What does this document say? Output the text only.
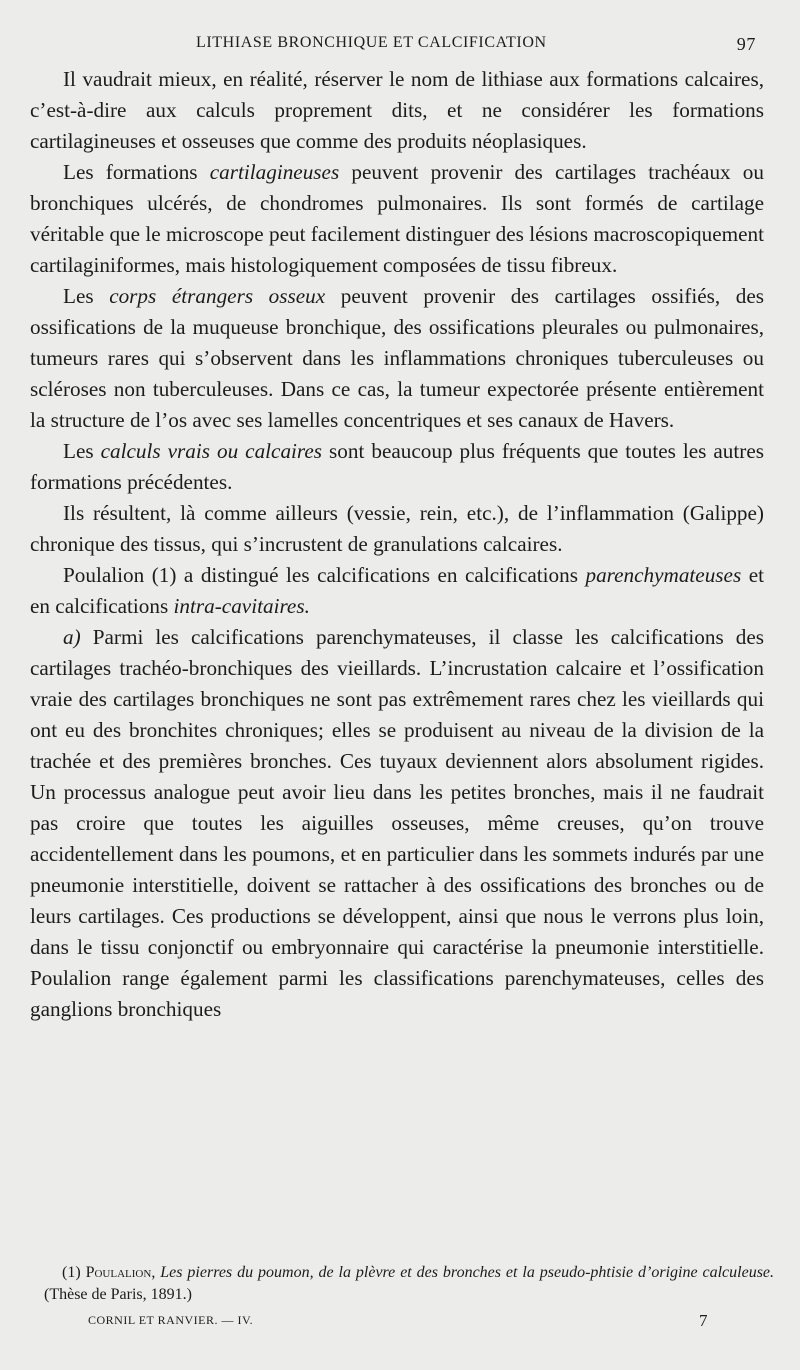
LITHIASE BRONCHIQUE ET CALCIFICATION	97

Il vaudrait mieux, en réalité, réserver le nom de lithiase aux formations calcaires, c’est-à-dire aux calculs proprement dits, et ne considérer les formations cartilagineuses et osseuses que comme des produits néoplasiques.

Les formations cartilagineuses peuvent provenir des cartilages trachéaux ou bronchiques ulcérés, de chondromes pulmonaires. Ils sont formés de cartilage véritable que le microscope peut facilement distinguer des lésions macroscopiquement cartilaginiformes, mais histologiquement composées de tissu fibreux.

Les corps étrangers osseux peuvent provenir des cartilages ossifiés, des ossifications de la muqueuse bronchique, des ossifications pleurales ou pulmonaires, tumeurs rares qui s’observent dans les inflammations chroniques tuberculeuses ou scléroses non tuberculeuses. Dans ce cas, la tumeur expectorée présente entièrement la structure de l’os avec ses lamelles concentriques et ses canaux de Havers.

Les calculs vrais ou calcaires sont beaucoup plus fréquents que toutes les autres formations précédentes.

Ils résultent, là comme ailleurs (vessie, rein, etc.), de l’inflammation (Galippe) chronique des tissus, qui s’incrustent de granulations calcaires.

Poulalion (1) a distingué les calcifications en calcifications parenchymateuses et en calcifications intra-cavitaires.

a) Parmi les calcifications parenchymateuses, il classe les calcifications des cartilages trachéo-bronchiques des vieillards. L’incrustation calcaire et l’ossification vraie des cartilages bronchiques ne sont pas extrêmement rares chez les vieillards qui ont eu des bronchites chroniques; elles se produisent au niveau de la division de la trachée et des premières bronches. Ces tuyaux deviennent alors absolument rigides. Un processus analogue peut avoir lieu dans les petites bronches, mais il ne faudrait pas croire que toutes les aiguilles osseuses, même creuses, qu’on trouve accidentellement dans les poumons, et en particulier dans les sommets indurés par une pneumonie interstitielle, doivent se rattacher à des ossifications des bronches ou de leurs cartilages. Ces productions se développent, ainsi que nous le verrons plus loin, dans le tissu conjonctif ou embryonnaire qui caractérise la pneumonie interstitielle. Poulalion range également parmi les classifications parenchymateuses, celles des ganglions bronchiques

(1) Poulalion, Les pierres du poumon, de la plèvre et des bronches et la pseudo-phtisie d’origine calculeuse. (Thèse de Paris, 1891.)

CORNIL ET RANVIER. — IV.	7
